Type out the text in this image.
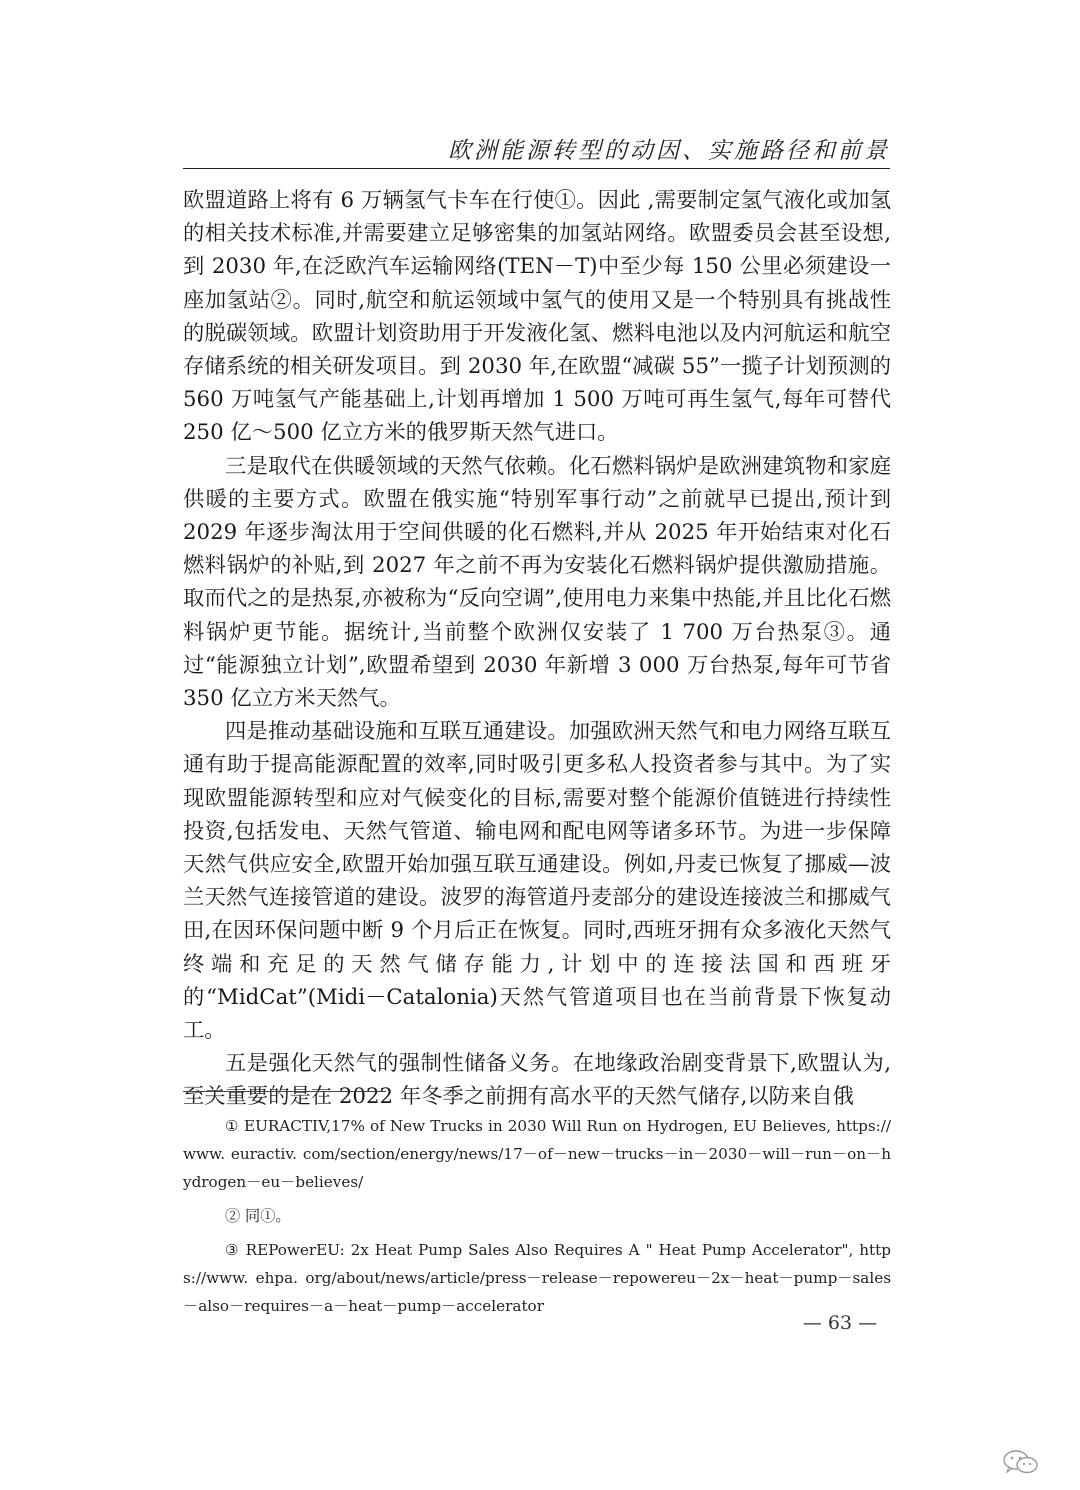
欧洲能源转型的动因、实施路径和前景

欧盟道路上将有 6 万辆氢气卡车在行使①。因此 ,需要制定氢气液化或加氢的相关技术标准,并需要建立足够密集的加氢站网络。欧盟委员会甚至设想,到 2030 年,在泛欧汽车运输网络(TEN－T)中至少每 150 公里必须建设一座加氢站②。同时,航空和航运领域中氢气的使用又是一个特别具有挑战性的脱碳领域。欧盟计划资助用于开发液化氢、燃料电池以及内河航运和航空存储系统的相关研发项目。到 2030 年,在欧盟“减碳 55”一揽子计划预测的 560 万吨氢气产能基础上,计划再增加 1 500 万吨可再生氢气,每年可替代 250 亿～500 亿立方米的俄罗斯天然气进口。

三是取代在供暖领域的天然气依赖。化石燃料锅炉是欧洲建筑物和家庭供暖的主要方式。欧盟在俄实施“特别军事行动”之前就早已提出,预计到 2029 年逐步淘汰用于空间供暖的化石燃料,并从 2025 年开始结束对化石燃料锅炉的补贴,到 2027 年之前不再为安装化石燃料锅炉提供激励措施。取而代之的是热泵,亦被称为“反向空调”,使用电力来集中热能,并且比化石燃料锅炉更节能。据统计,当前整个欧洲仅安装了 1 700 万台热泵③。通过“能源独立计划”,欧盟希望到 2030 年新增 3 000 万台热泵,每年可节省 350 亿立方米天然气。

四是推动基础设施和互联互通建设。加强欧洲天然气和电力网络互联互通有助于提高能源配置的效率,同时吸引更多私人投资者参与其中。为了实现欧盟能源转型和应对气候变化的目标,需要对整个能源价值链进行持续性投资,包括发电、天然气管道、输电网和配电网等诸多环节。为进一步保障天然气供应安全,欧盟开始加强互联互通建设。例如,丹麦已恢复了挪威—波兰天然气连接管道的建设。波罗的海管道丹麦部分的建设连接波兰和挪威气田,在因环保问题中断 9 个月后正在恢复。同时,西班牙拥有众多液化天然气终端和充足的天然气储存能力,计划中的连接法国和西班牙的“MidCat”(Midi－Catalonia)天然气管道项目也在当前背景下恢复动工。

五是强化天然气的强制性储备义务。在地缘政治剧变背景下,欧盟认为,至关重要的是在 2022 年冬季之前拥有高水平的天然气储存,以防来自俄

① EURACTIV,17% of New Trucks in 2030 Will Run on Hydrogen, EU Believes, https://www. euractiv. com/section/energy/news/17－of－new－trucks－in－2030－will－run－on－hydrogen－eu－believes/

② 同①。

③ REPowerEU: 2x Heat Pump Sales Also Requires A " Heat Pump Accelerator", https://www. ehpa. org/about/news/article/press－release－repowereu－2x－heat－pump－sales－also－requires－a－heat－pump－accelerator

— 63 —
